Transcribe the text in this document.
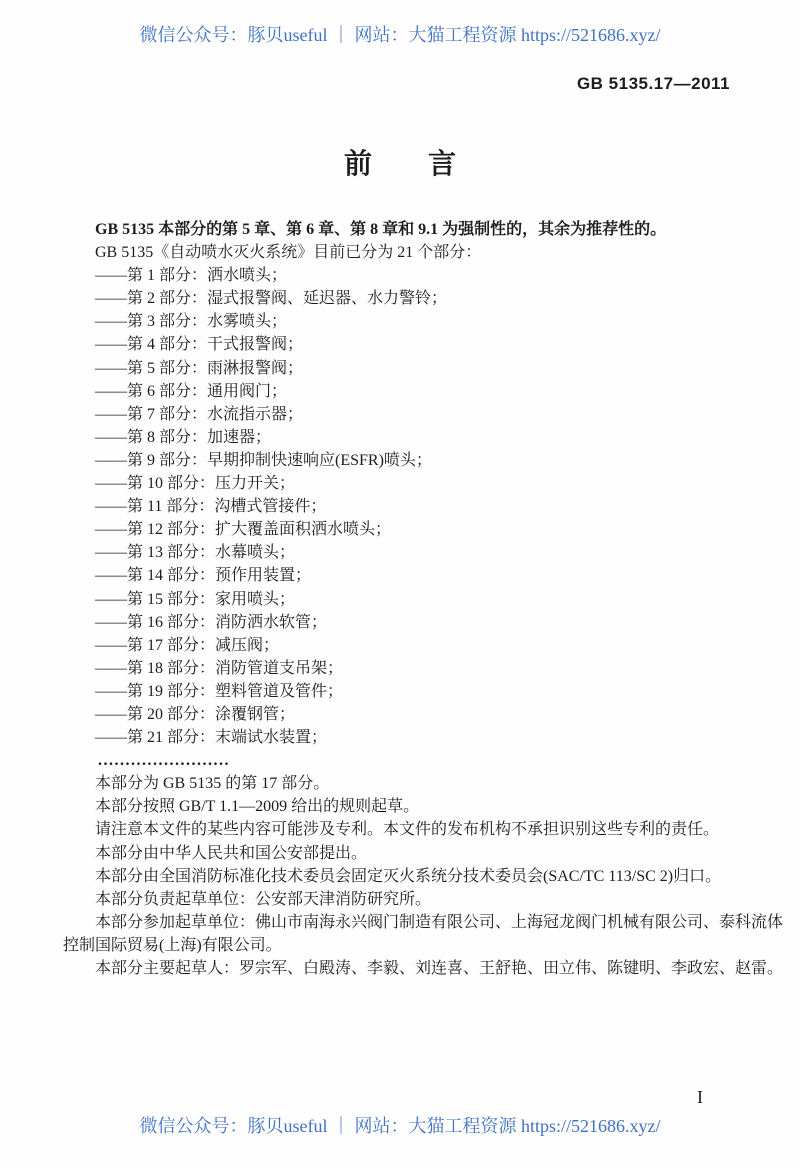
微信公众号：豚贝useful ｜ 网站：大猫工程资源 https://521686.xyz/
GB 5135.17—2011
前　　言

　　GB 5135 本部分的第 5 章、第 6 章、第 8 章和 9.1 为强制性的，其余为推荐性的。

　　GB 5135《自动喷水灭火系统》目前已分为 21 个部分：

　　——第 1 部分：洒水喷头；

　　——第 2 部分：湿式报警阀、延迟器、水力警铃；

　　——第 3 部分：水雾喷头；

　　——第 4 部分：干式报警阀；

　　——第 5 部分：雨淋报警阀；

　　——第 6 部分：通用阀门；

　　——第 7 部分：水流指示器；

　　——第 8 部分：加速器；

　　——第 9 部分：早期抑制快速响应(ESFR)喷头；

　　——第 10 部分：压力开关；

　　——第 11 部分：沟槽式管接件；

　　——第 12 部分：扩大覆盖面积洒水喷头；

　　——第 13 部分：水幕喷头；

　　——第 14 部分：预作用装置；

　　——第 15 部分：家用喷头；

　　——第 16 部分：消防洒水软管；

　　——第 17 部分：减压阀；

　　——第 18 部分：消防管道支吊架；

　　——第 19 部分：塑料管道及管件；

　　——第 20 部分：涂覆钢管；

　　——第 21 部分：末端试水装置；

　　........................

　　本部分为 GB 5135 的第 17 部分。

　　本部分按照 GB/T 1.1—2009 给出的规则起草。

　　请注意本文件的某些内容可能涉及专利。本文件的发布机构不承担识别这些专利的责任。

　　本部分由中华人民共和国公安部提出。

　　本部分由全国消防标准化技术委员会固定灭火系统分技术委员会(SAC/TC 113/SC 2)归口。

　　本部分负责起草单位：公安部天津消防研究所。

　　本部分参加起草单位：佛山市南海永兴阀门制造有限公司、上海冠龙阀门机械有限公司、泰科流体

控制国际贸易(上海)有限公司。

　　本部分主要起草人：罗宗军、白殿涛、李毅、刘连喜、王舒艳、田立伟、陈键明、李政宏、赵雷。

I
微信公众号：豚贝useful ｜ 网站：大猫工程资源 https://521686.xyz/
